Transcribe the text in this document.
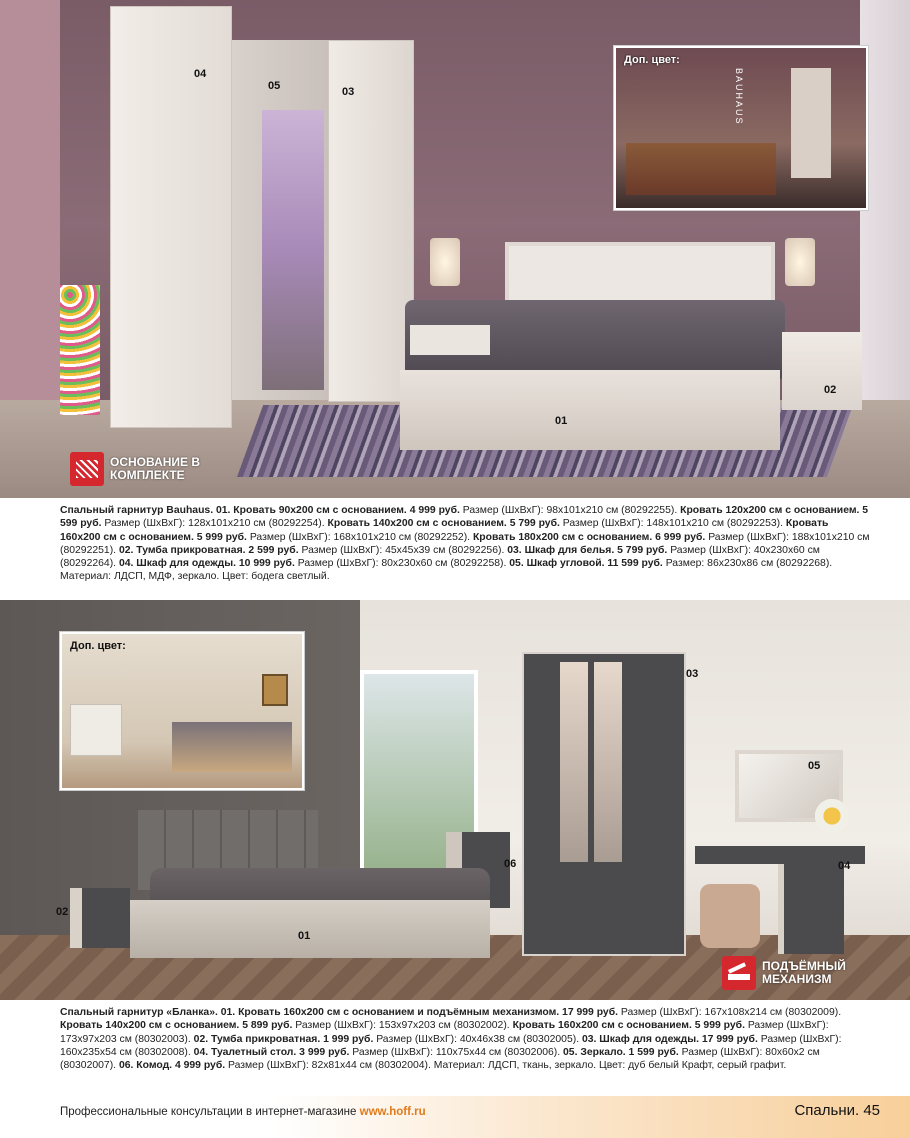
04
05	03
02
01
Доп. цвет:
BAUHAUS
ОСНОВАНИЕ В КОМПЛЕКТЕ
Спальный гарнитур Bauhaus. 01. Кровать 90х200 см с основанием. 4 999 руб. Размер (ШхВхГ): 98х101х210 см (80292255). Кровать 120х200 см с основанием. 5 599 руб. Размер (ШхВхГ): 128х101х210 см (80292254). Кровать 140х200 см с основанием. 5 799 руб. Размер (ШхВхГ): 148х101х210 см (80292253). Кровать 160х200 см с основанием. 5 999 руб. Размер (ШхВхГ): 168х101х210 см (80292252). Кровать 180х200 см с основанием. 6 999 руб. Размер (ШхВхГ): 188х101х210 см (80292251). 02. Тумба прикроватная. 2 599 руб. Размер (ШхВхГ): 45х45х39 см (80292256). 03. Шкаф для белья. 5 799 руб. Размер (ШхВхГ): 40х230х60 см (80292264). 04. Шкаф для одежды. 10 999 руб. Размер (ШхВхГ): 80х230х60 см (80292258). 05. Шкаф угловой. 11 599 руб. Размер: 86х230х86 см (80292268). Материал: ЛДСП, МДФ, зеркало. Цвет: бодега светлый.
03
05
06	04
02
01
Доп. цвет:
ПОДЪЁМНЫЙ МЕХАНИЗМ
Спальный гарнитур «Бланка». 01. Кровать 160х200 см с основанием и подъёмным механизмом. 17 999 руб. Размер (ШхВхГ): 167х108х214 см (80302009). Кровать 140х200 см с основанием. 5 899 руб. Размер (ШхВхГ): 153х97х203 см (80302002). Кровать 160х200 см с основанием. 5 999 руб. Размер (ШхВхГ): 173х97х203 см (80302003). 02. Тумба прикроватная. 1 999 руб. Размер (ШхВхГ): 40х46х38 см (80302005). 03. Шкаф для одежды. 17 999 руб. Размер (ШхВхГ): 160х235х54 см (80302008). 04. Туалетный стол. 3 999 руб. Размер (ШхВхГ): 110х75х44 см (80302006). 05. Зеркало. 1 599 руб. Размер (ШхВхГ): 80х60х2 см (80302007). 06. Комод. 4 999 руб. Размер (ШхВхГ): 82х81х44 см (80302004). Материал: ЛДСП, ткань, зеркало. Цвет: дуб белый Крафт, серый графит.
Профессиональные консультации в интернет-магазине www.hoff.ru	Спальни. 45
